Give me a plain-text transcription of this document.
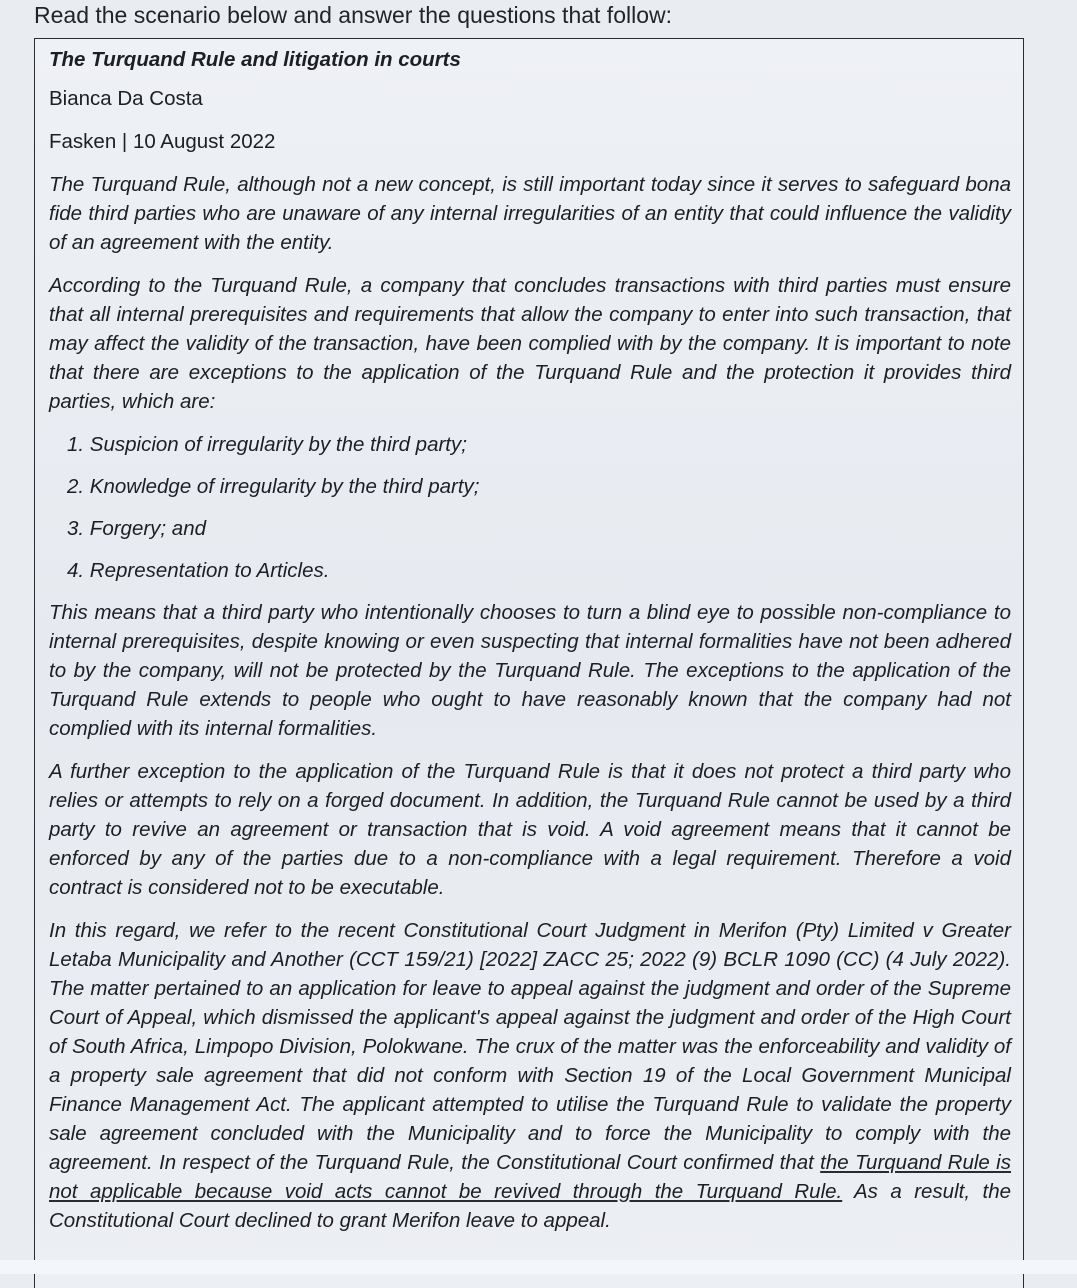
Read the scenario below and answer the questions that follow:
The Turquand Rule and litigation in courts
Bianca Da Costa
Fasken | 10 August 2022

The Turquand Rule, although not a new concept, is still important today since it serves to safeguard bona fide third parties who are unaware of any internal irregularities of an entity that could influence the validity of an agreement with the entity.

According to the Turquand Rule, a company that concludes transactions with third parties must ensure that all internal prerequisites and requirements that allow the company to enter into such transaction, that may affect the validity of the transaction, have been complied with by the company. It is important to note that there are exceptions to the application of the Turquand Rule and the protection it provides third parties, which are:

1. Suspicion of irregularity by the third party;
2. Knowledge of irregularity by the third party;
3. Forgery; and
4. Representation to Articles.

This means that a third party who intentionally chooses to turn a blind eye to possible non-compliance to internal prerequisites, despite knowing or even suspecting that internal formalities have not been adhered to by the company, will not be protected by the Turquand Rule. The exceptions to the application of the Turquand Rule extends to people who ought to have reasonably known that the company had not complied with its internal formalities.

A further exception to the application of the Turquand Rule is that it does not protect a third party who relies or attempts to rely on a forged document. In addition, the Turquand Rule cannot be used by a third party to revive an agreement or transaction that is void. A void agreement means that it cannot be enforced by any of the parties due to a non-compliance with a legal requirement. Therefore a void contract is considered not to be executable.

In this regard, we refer to the recent Constitutional Court Judgment in Merifon (Pty) Limited v Greater Letaba Municipality and Another (CCT 159/21) [2022] ZACC 25; 2022 (9) BCLR 1090 (CC) (4 July 2022). The matter pertained to an application for leave to appeal against the judgment and order of the Supreme Court of Appeal, which dismissed the applicant's appeal against the judgment and order of the High Court of South Africa, Limpopo Division, Polokwane. The crux of the matter was the enforceability and validity of a property sale agreement that did not conform with Section 19 of the Local Government Municipal Finance Management Act. The applicant attempted to utilise the Turquand Rule to validate the property sale agreement concluded with the Municipality and to force the Municipality to comply with the agreement. In respect of the Turquand Rule, the Constitutional Court confirmed that the Turquand Rule is not applicable because void acts cannot be revived through the Turquand Rule. As a result, the Constitutional Court declined to grant Merifon leave to appeal.
